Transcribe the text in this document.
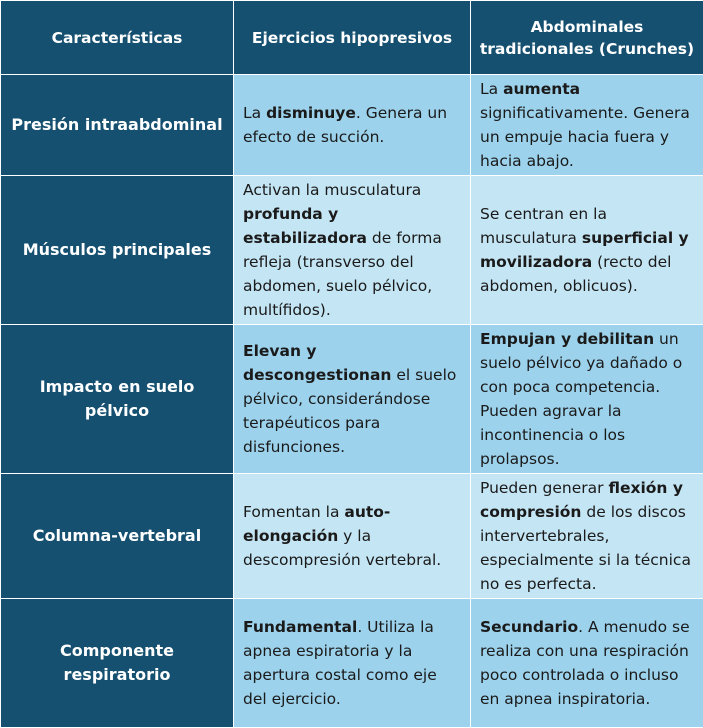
Características	Ejercicios hipopresivos	Abdominales tradicionales (Crunches)
Presión intraabdominal	La disminuye. Genera un efecto de succión.	La aumenta significativamente. Genera un empuje hacia fuera y hacia abajo.
Músculos principales	Activan la musculatura profunda y estabilizadora de forma refleja (transverso del abdomen, suelo pélvico, multífidos).	Se centran en la musculatura superficial y movilizadora (recto del abdomen, oblicuos).
Impacto en suelo pélvico	Elevan y descongestionan el suelo pélvico, considerándose terapéuticos para disfunciones.	Empujan y debilitan un suelo pélvico ya dañado o con poca competencia. Pueden agravar la incontinencia o los prolapsos.
Columna-vertebral	Fomentan la auto-elongación y la descompresión vertebral.	Pueden generar flexión y compresión de los discos intervertebrales, especialmente si la técnica no es perfecta.
Componente respiratorio	Fundamental. Utiliza la apnea espiratoria y la apertura costal como eje del ejercicio.	Secundario. A menudo se realiza con una respiración poco controlada o incluso en apnea inspiratoria.
